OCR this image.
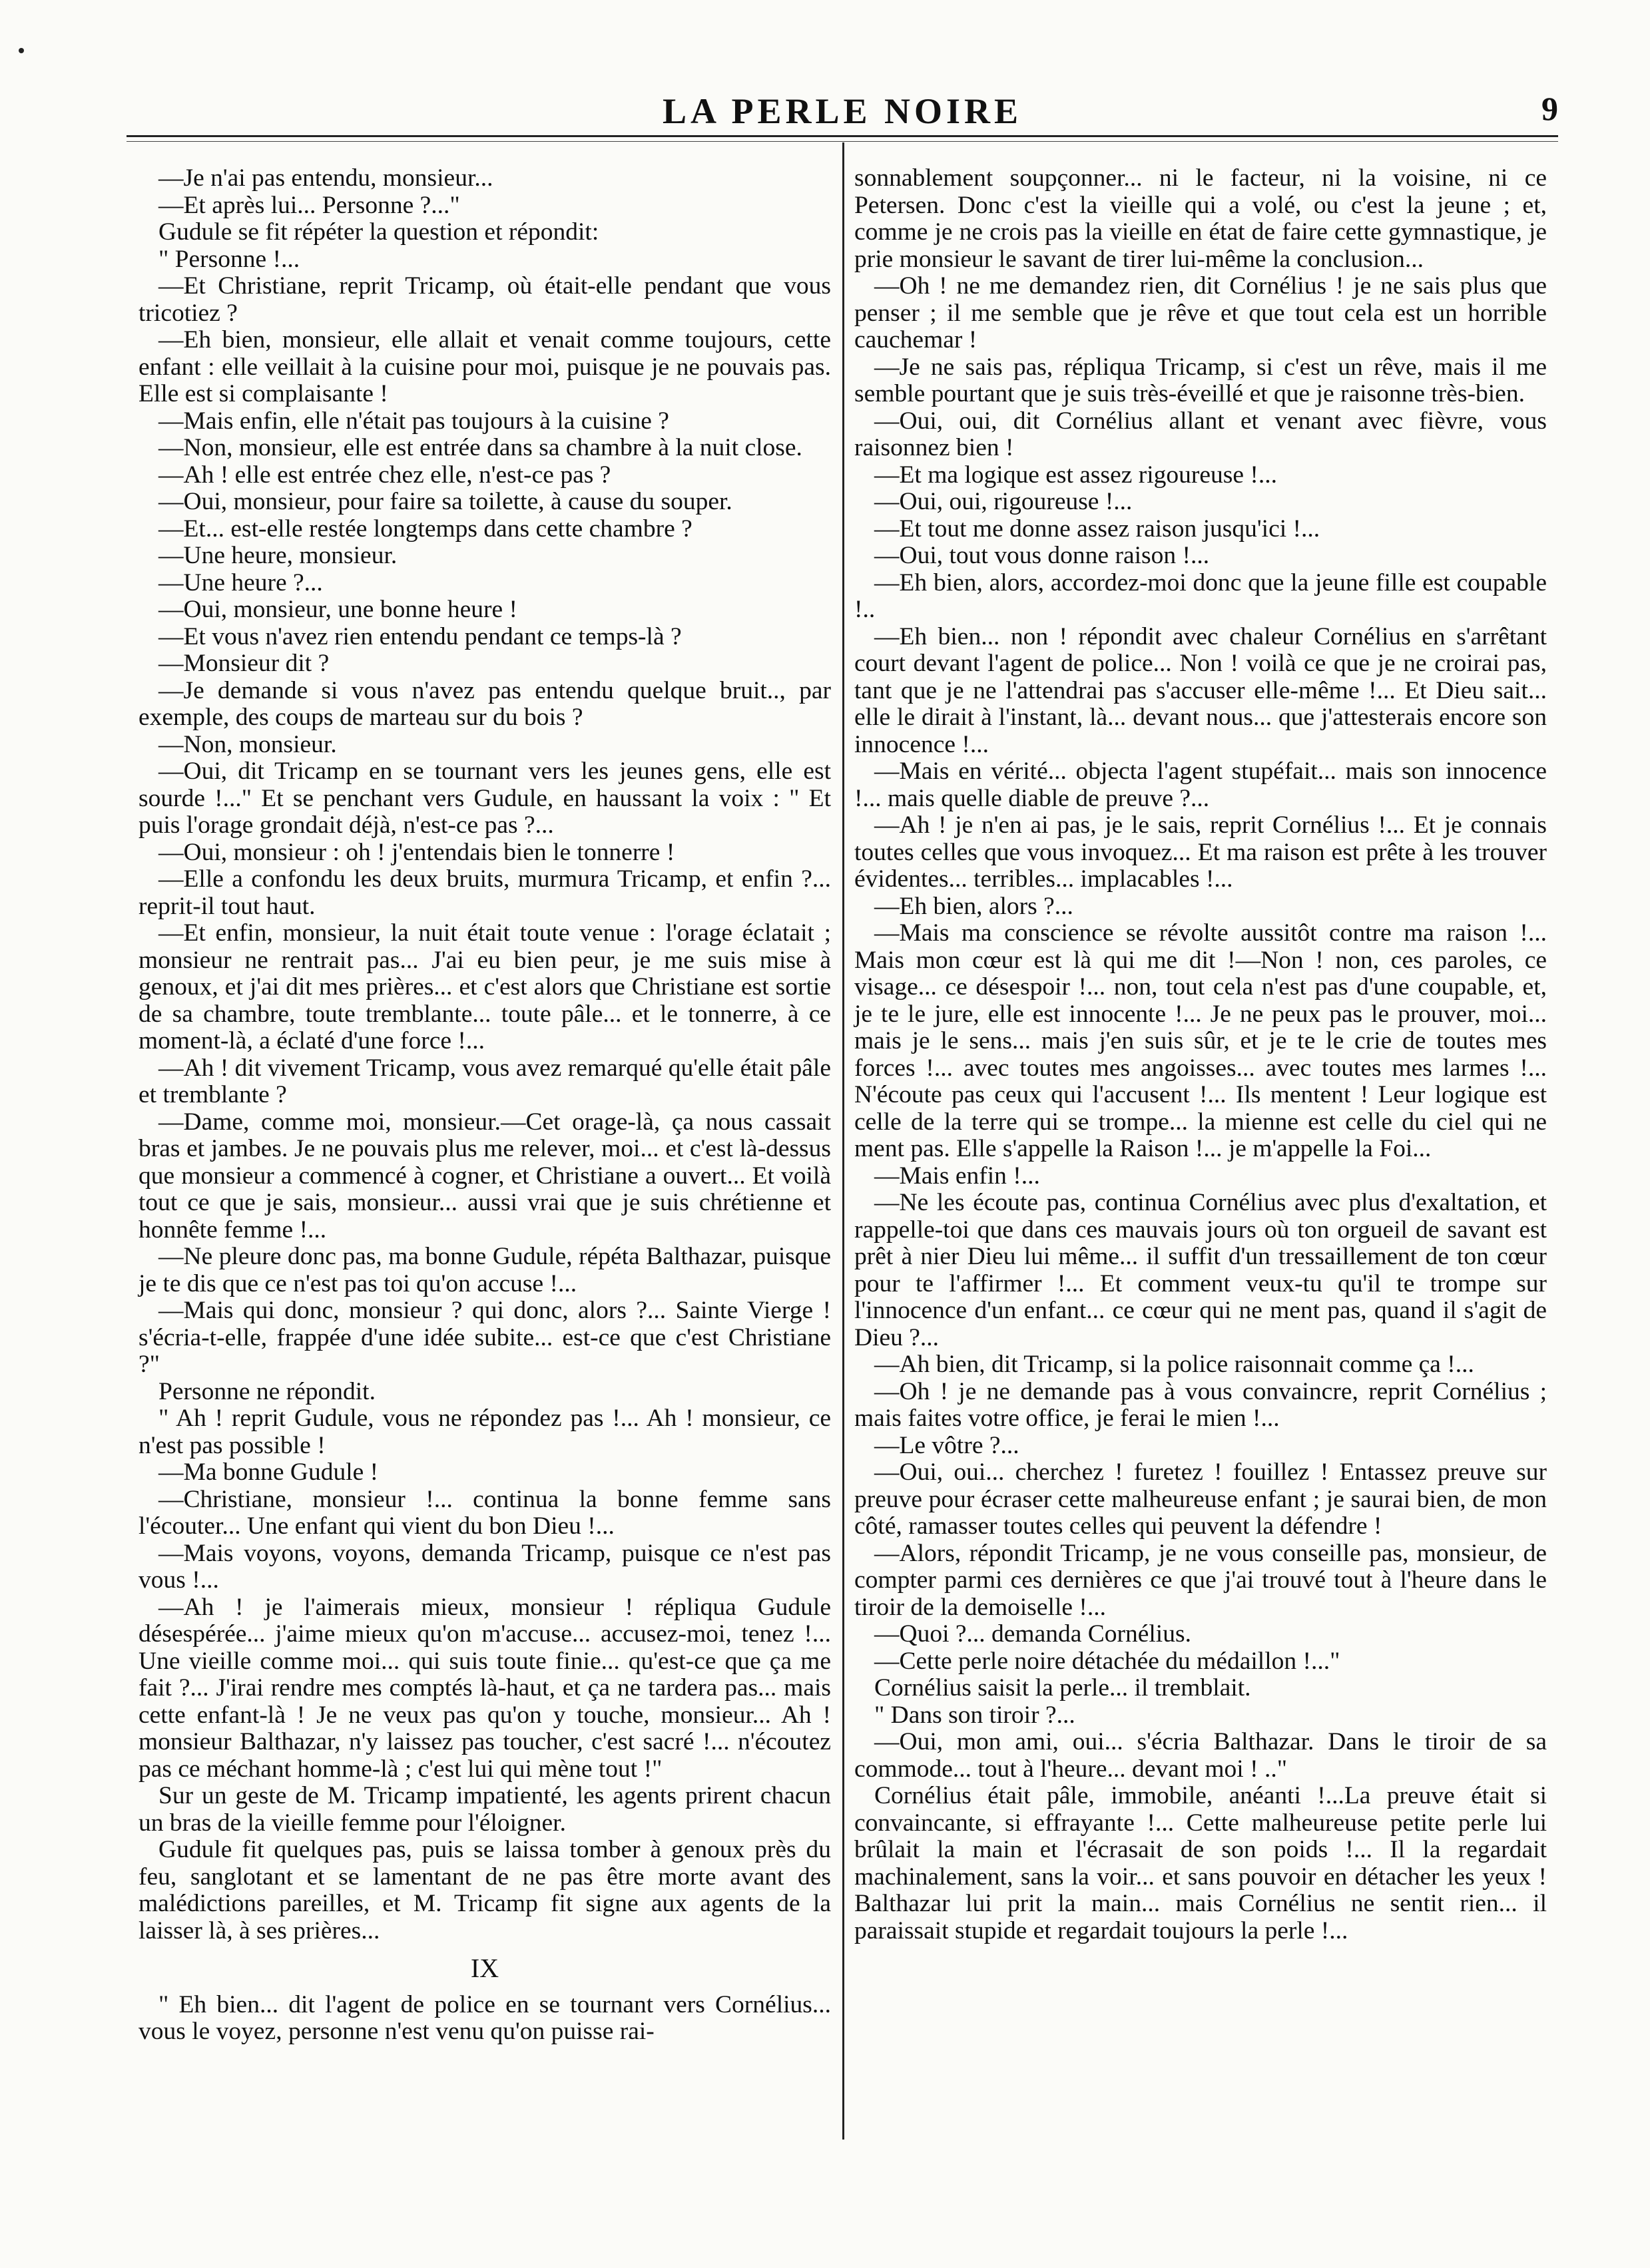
LA PERLE NOIRE	9

—Je n'ai pas entendu, monsieur...

—Et après lui... Personne ?..."

Gudule se fit répéter la question et répondit:

" Personne !...

—Et Christiane, reprit Tricamp, où était-elle pendant que vous tricotiez ?

—Eh bien, monsieur, elle allait et venait comme toujours, cette enfant : elle veillait à la cuisine pour moi, puisque je ne pouvais pas. Elle est si complaisante !

—Mais enfin, elle n'était pas toujours à la cuisine ?

—Non, monsieur, elle est entrée dans sa chambre à la nuit close.

—Ah ! elle est entrée chez elle, n'est-ce pas ?

—Oui, monsieur, pour faire sa toilette, à cause du souper.

—Et... est-elle restée longtemps dans cette chambre ?

—Une heure, monsieur.

—Une heure ?...

—Oui, monsieur, une bonne heure !

—Et vous n'avez rien entendu pendant ce temps-là ?

—Monsieur dit ?

—Je demande si vous n'avez pas entendu quelque bruit.., par exemple, des coups de marteau sur du bois ?

—Non, monsieur.

—Oui, dit Tricamp en se tournant vers les jeunes gens, elle est sourde !..." Et se penchant vers Gudule, en haussant la voix : " Et puis l'orage grondait déjà, n'est-ce pas ?...

—Oui, monsieur : oh ! j'entendais bien le tonnerre !

—Elle a confondu les deux bruits, murmura Tricamp, et enfin ?... reprit-il tout haut.

—Et enfin, monsieur, la nuit était toute venue : l'orage éclatait ; monsieur ne rentrait pas... J'ai eu bien peur, je me suis mise à genoux, et j'ai dit mes prières... et c'est alors que Christiane est sortie de sa chambre, toute tremblante... toute pâle... et le tonnerre, à ce moment-là, a éclaté d'une force !...

—Ah ! dit vivement Tricamp, vous avez remarqué qu'elle était pâle et tremblante ?

—Dame, comme moi, monsieur.—Cet orage-là, ça nous cassait bras et jambes. Je ne pouvais plus me relever, moi... et c'est là-dessus que monsieur a commencé à cogner, et Christiane a ouvert... Et voilà tout ce que je sais, monsieur... aussi vrai que je suis chrétienne et honnête femme !...

—Ne pleure donc pas, ma bonne Gudule, répéta Balthazar, puisque je te dis que ce n'est pas toi qu'on accuse !...

—Mais qui donc, monsieur ? qui donc, alors ?... Sainte Vierge ! s'écria-t-elle, frappée d'une idée subite... est-ce que c'est Christiane ?"

Personne ne répondit.

" Ah ! reprit Gudule, vous ne répondez pas !... Ah ! monsieur, ce n'est pas possible !

—Ma bonne Gudule !

—Christiane, monsieur !... continua la bonne femme sans l'écouter... Une enfant qui vient du bon Dieu !...

—Mais voyons, voyons, demanda Tricamp, puisque ce n'est pas vous !...

—Ah ! je l'aimerais mieux, monsieur ! répliqua Gudule désespérée... j'aime mieux qu'on m'accuse... accusez-moi, tenez !... Une vieille comme moi... qui suis toute finie... qu'est-ce que ça me fait ?... J'irai rendre mes comptés là-haut, et ça ne tardera pas... mais cette enfant-là ! Je ne veux pas qu'on y touche, monsieur... Ah ! monsieur Balthazar, n'y laissez pas toucher, c'est sacré !... n'écoutez pas ce méchant homme-là ; c'est lui qui mène tout !"

Sur un geste de M. Tricamp impatienté, les agents prirent chacun un bras de la vieille femme pour l'éloigner.

Gudule fit quelques pas, puis se laissa tomber à genoux près du feu, sanglotant et se lamentant de ne pas être morte avant des malédictions pareilles, et M. Tricamp fit signe aux agents de la laisser là, à ses prières...

IX

" Eh bien... dit l'agent de police en se tournant vers Cornélius... vous le voyez, personne n'est venu qu'on puisse rai-

sonnablement soupçonner... ni le facteur, ni la voisine, ni ce Petersen. Donc c'est la vieille qui a volé, ou c'est la jeune ; et, comme je ne crois pas la vieille en état de faire cette gymnastique, je prie monsieur le savant de tirer lui-même la conclusion...

—Oh ! ne me demandez rien, dit Cornélius ! je ne sais plus que penser ; il me semble que je rêve et que tout cela est un horrible cauchemar !

—Je ne sais pas, répliqua Tricamp, si c'est un rêve, mais il me semble pourtant que je suis très-éveillé et que je raisonne très-bien.

—Oui, oui, dit Cornélius allant et venant avec fièvre, vous raisonnez bien !

—Et ma logique est assez rigoureuse !...

—Oui, oui, rigoureuse !...

—Et tout me donne assez raison jusqu'ici !...

—Oui, tout vous donne raison !...

—Eh bien, alors, accordez-moi donc que la jeune fille est coupable !..

—Eh bien... non ! répondit avec chaleur Cornélius en s'arrêtant court devant l'agent de police... Non ! voilà ce que je ne croirai pas, tant que je ne l'attendrai pas s'accuser elle-même !... Et Dieu sait... elle le dirait à l'instant, là... devant nous... que j'attesterais encore son innocence !...

—Mais en vérité... objecta l'agent stupéfait... mais son innocence !... mais quelle diable de preuve ?...

—Ah ! je n'en ai pas, je le sais, reprit Cornélius !... Et je connais toutes celles que vous invoquez... Et ma raison est prête à les trouver évidentes... terribles... implacables !...

—Eh bien, alors ?...

—Mais ma conscience se révolte aussitôt contre ma raison !... Mais mon cœur est là qui me dit !—Non ! non, ces paroles, ce visage... ce désespoir !... non, tout cela n'est pas d'une coupable, et, je te le jure, elle est innocente !... Je ne peux pas le prouver, moi... mais je le sens... mais j'en suis sûr, et je te le crie de toutes mes forces !... avec toutes mes angoisses... avec toutes mes larmes !... N'écoute pas ceux qui l'accusent !... Ils mentent ! Leur logique est celle de la terre qui se trompe... la mienne est celle du ciel qui ne ment pas. Elle s'appelle la Raison !... je m'appelle la Foi...

—Mais enfin !...

—Ne les écoute pas, continua Cornélius avec plus d'exaltation, et rappelle-toi que dans ces mauvais jours où ton orgueil de savant est prêt à nier Dieu lui même... il suffit d'un tressaillement de ton cœur pour te l'affirmer !... Et comment veux-tu qu'il te trompe sur l'innocence d'un enfant... ce cœur qui ne ment pas, quand il s'agit de Dieu ?...

—Ah bien, dit Tricamp, si la police raisonnait comme ça !...

—Oh ! je ne demande pas à vous convaincre, reprit Cornélius ; mais faites votre office, je ferai le mien !...

—Le vôtre ?...

—Oui, oui... cherchez ! furetez ! fouillez ! Entassez preuve sur preuve pour écraser cette malheureuse enfant ; je saurai bien, de mon côté, ramasser toutes celles qui peuvent la défendre !

—Alors, répondit Tricamp, je ne vous conseille pas, monsieur, de compter parmi ces dernières ce que j'ai trouvé tout à l'heure dans le tiroir de la demoiselle !...

—Quoi ?... demanda Cornélius.

—Cette perle noire détachée du médaillon !..."

Cornélius saisit la perle... il tremblait.

" Dans son tiroir ?...

—Oui, mon ami, oui... s'écria Balthazar. Dans le tiroir de sa commode... tout à l'heure... devant moi ! .."

Cornélius était pâle, immobile, anéanti !...La preuve était si convaincante, si effrayante !... Cette malheureuse petite perle lui brûlait la main et l'écrasait de son poids !... Il la regardait machinalement, sans la voir... et sans pouvoir en détacher les yeux ! Balthazar lui prit la main... mais Cornélius ne sentit rien... il paraissait stupide et regardait toujours la perle !...
